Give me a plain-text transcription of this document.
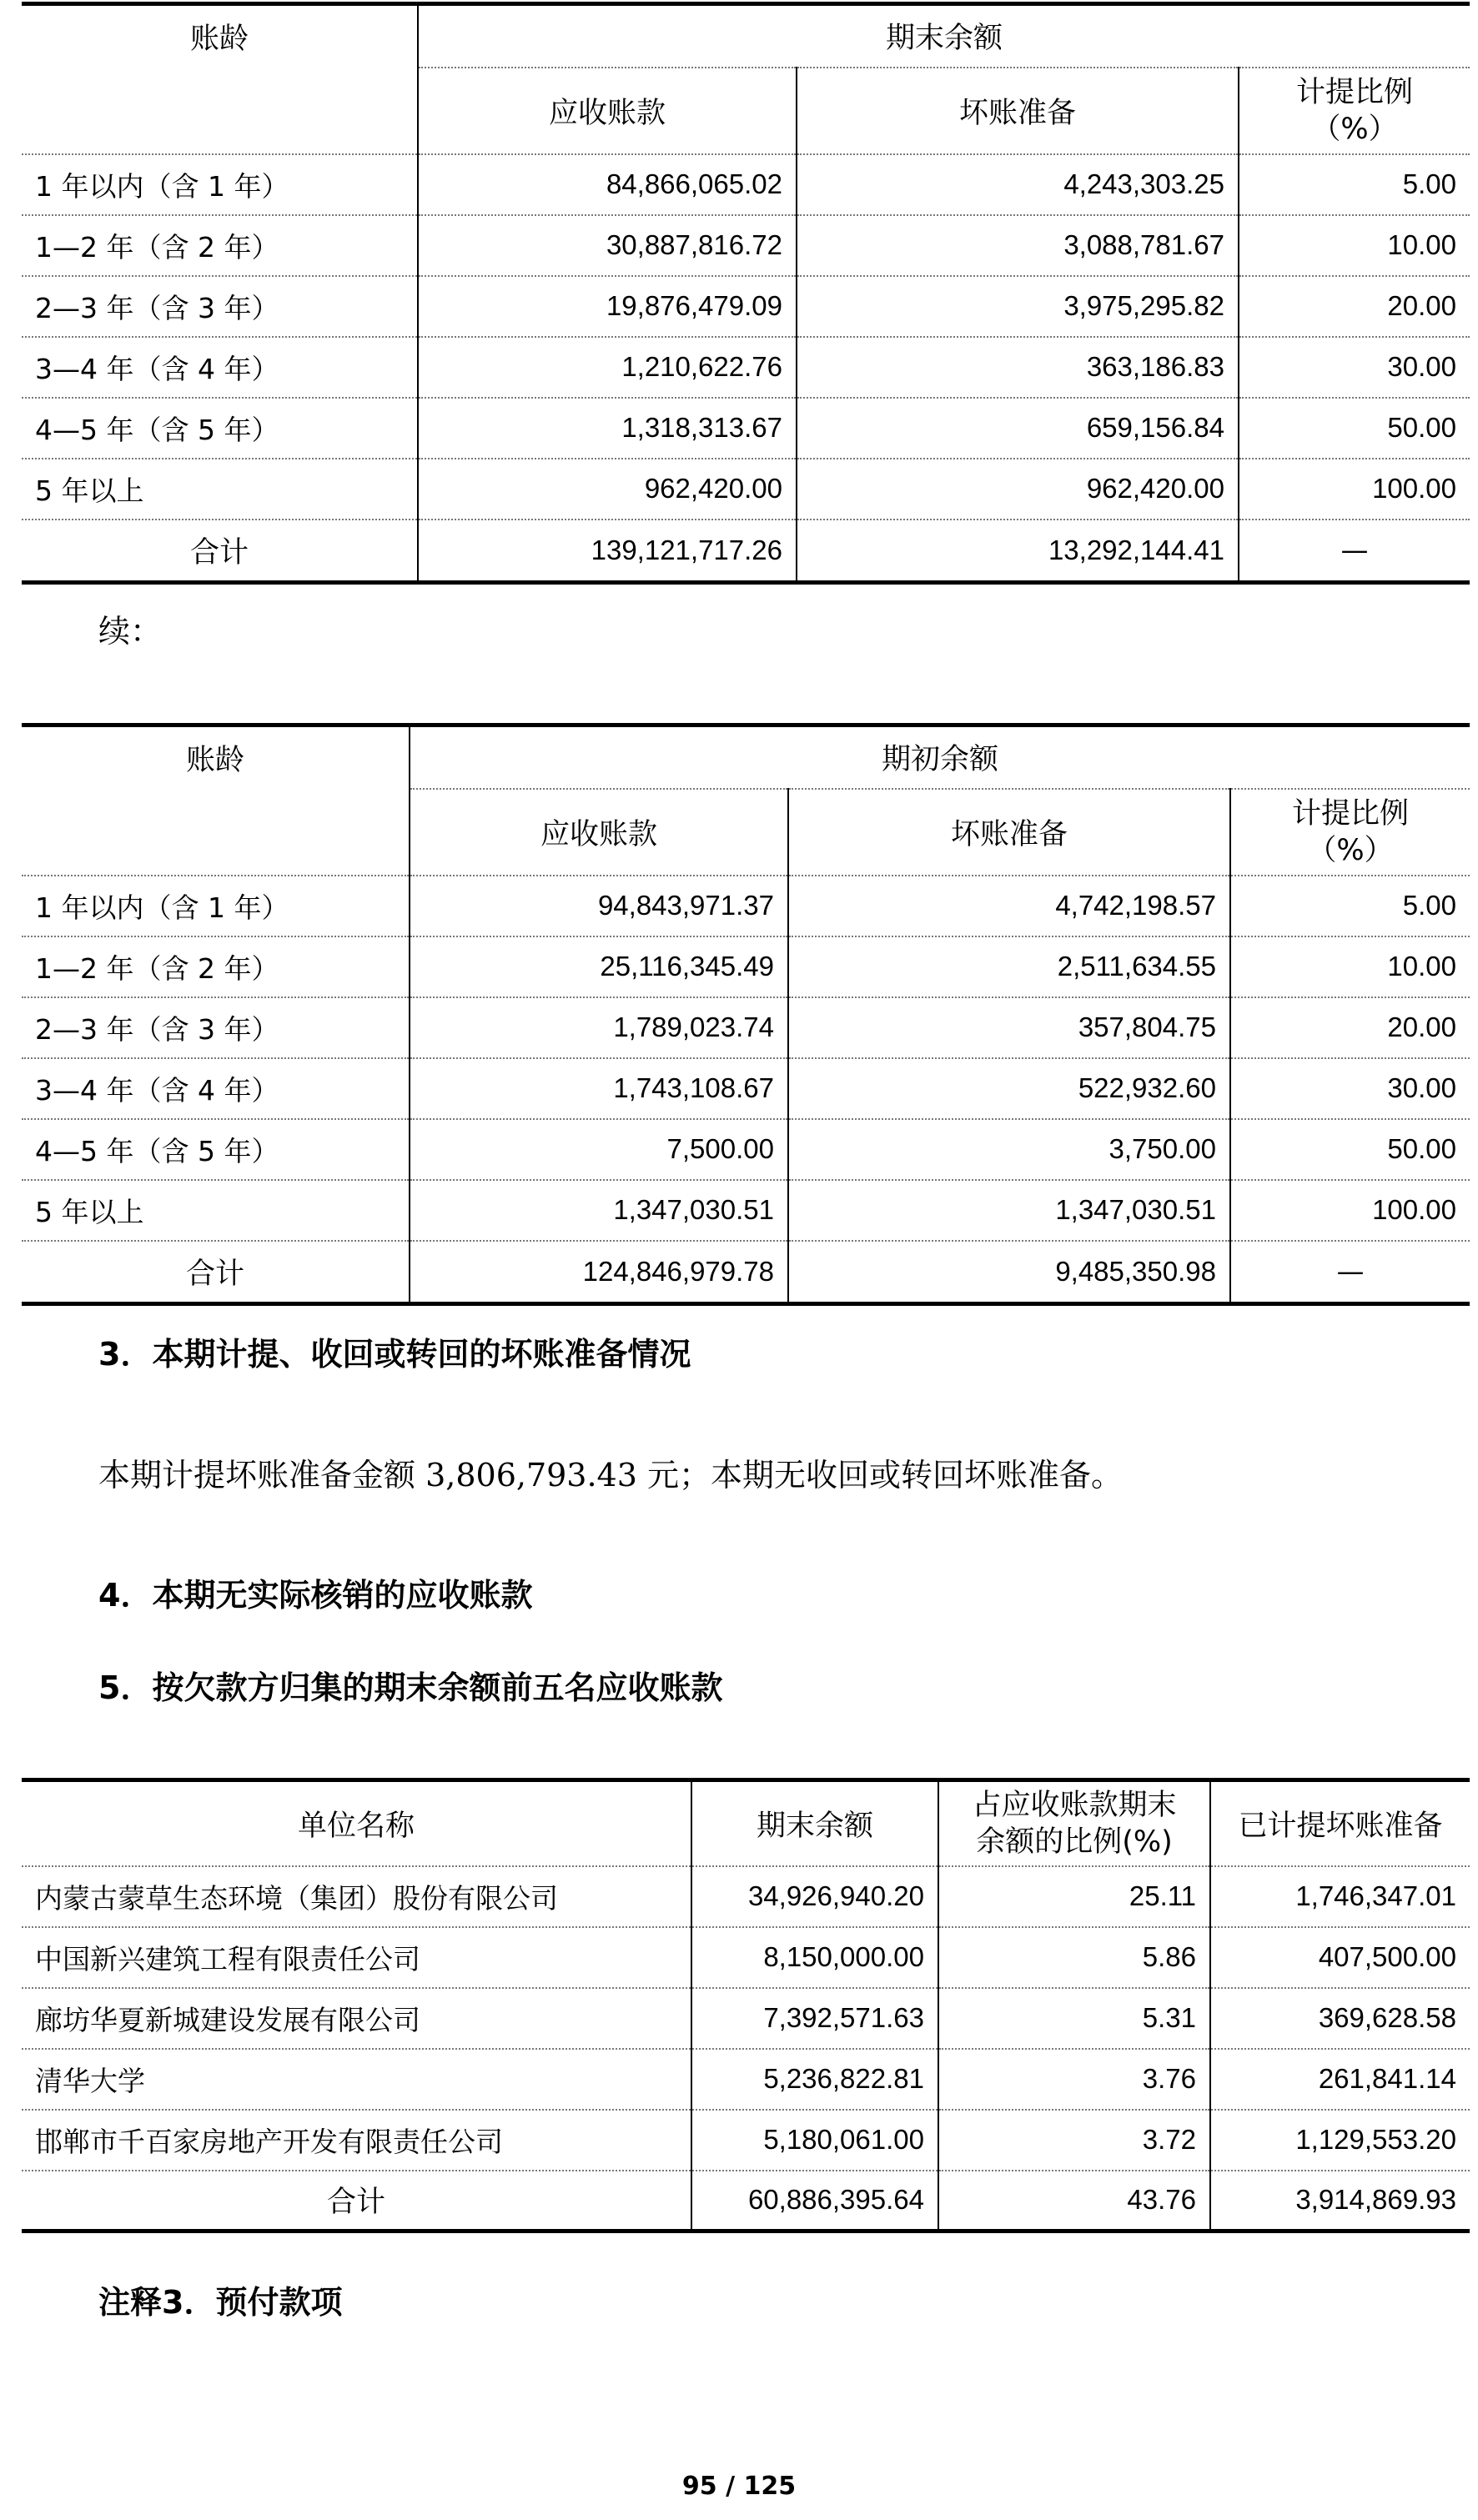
账龄	期末余额		
	应收账款	坏账准备	计提比例
（%）

1 年以内（含 1 年）	84,866,065.02	4,243,303.25	5.00
1—2 年（含 2 年）	30,887,816.72	3,088,781.67	10.00
2—3 年（含 3 年）	19,876,479.09	3,975,295.82	20.00
3—4 年（含 4 年）	1,210,622.76	363,186.83	30.00
4—5 年（含 5 年）	1,318,313.67	659,156.84	50.00
5 年以上	962,420.00	962,420.00	100.00
合计	139,121,717.26	13,292,144.41	—
续：
账龄	期初余额		
	应收账款	坏账准备	计提比例
（%）

1 年以内（含 1 年）	94,843,971.37	4,742,198.57	5.00
1—2 年（含 2 年）	25,116,345.49	2,511,634.55	10.00
2—3 年（含 3 年）	1,789,023.74	357,804.75	20.00
3—4 年（含 4 年）	1,743,108.67	522,932.60	30.00
4—5 年（含 5 年）	7,500.00	3,750.00	50.00
5 年以上	1,347,030.51	1,347,030.51	100.00
合计	124,846,979.78	9,485,350.98	—
3．本期计提、收回或转回的坏账准备情况
本期计提坏账准备金额 3,806,793.43 元；本期无收回或转回坏账准备。
4．本期无实际核销的应收账款
5．按欠款方归集的期末余额前五名应收账款
单位名称	期末余额	占应收账款期末
余额的比例(%)	已计提坏账准备
内蒙古蒙草生态环境（集团）股份有限公司	34,926,940.20	25.11	1,746,347.01
中国新兴建筑工程有限责任公司	8,150,000.00	5.86	407,500.00
廊坊华夏新城建设发展有限公司	7,392,571.63	5.31	369,628.58
清华大学	5,236,822.81	3.76	261,841.14
邯郸市千百家房地产开发有限责任公司	5,180,061.00	3.72	1,129,553.20
合计	60,886,395.64	43.76	3,914,869.93
注释3．预付款项
95 / 125
